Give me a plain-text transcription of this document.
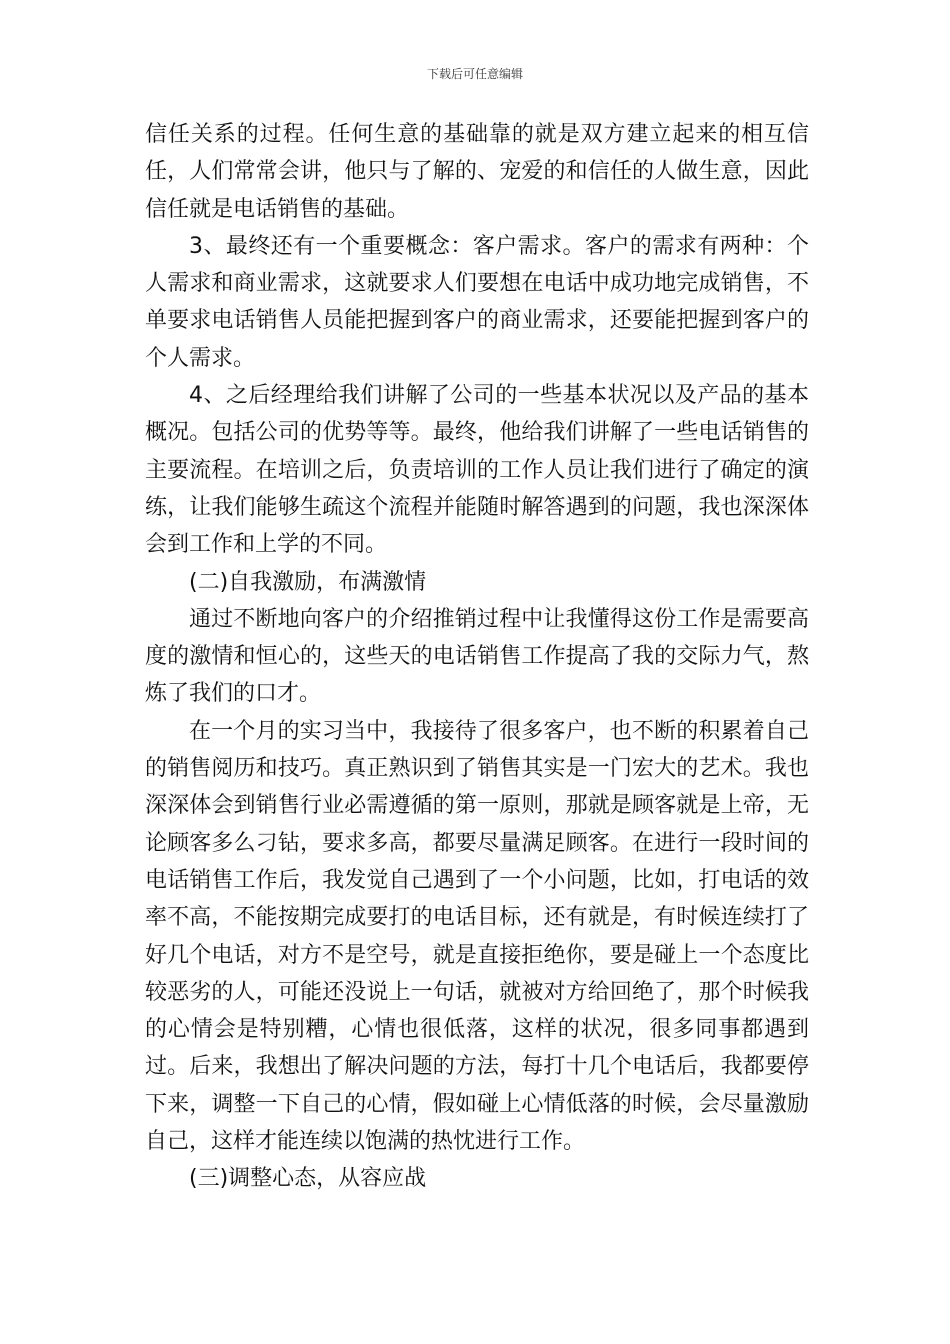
下载后可任意编辑

信任关系的过程。任何生意的基础靠的就是双方建立起来的相互信任，人们常常会讲，他只与了解的、宠爱的和信任的人做生意，因此信任就是电话销售的基础。

3、最终还有一个重要概念：客户需求。客户的需求有两种：个人需求和商业需求，这就要求人们要想在电话中成功地完成销售，不单要求电话销售人员能把握到客户的商业需求，还要能把握到客户的个人需求。

4、之后经理给我们讲解了公司的一些基本状况以及产品的基本概况。包括公司的优势等等。最终，他给我们讲解了一些电话销售的主要流程。在培训之后，负责培训的工作人员让我们进行了确定的演练，让我们能够生疏这个流程并能随时解答遇到的问题，我也深深体会到工作和上学的不同。

(二)自我激励，布满激情

通过不断地向客户的介绍推销过程中让我懂得这份工作是需要高度的激情和恒心的，这些天的电话销售工作提高了我的交际力气，熬炼了我们的口才。

在一个月的实习当中，我接待了很多客户，也不断的积累着自己的销售阅历和技巧。真正熟识到了销售其实是一门宏大的艺术。我也深深体会到销售行业必需遵循的第一原则，那就是顾客就是上帝，无论顾客多么刁钻，要求多高，都要尽量满足顾客。在进行一段时间的电话销售工作后，我发觉自己遇到了一个小问题，比如，打电话的效率不高，不能按期完成要打的电话目标，还有就是，有时候连续打了好几个电话，对方不是空号，就是直接拒绝你，要是碰上一个态度比较恶劣的人，可能还没说上一句话，就被对方给回绝了，那个时候我的心情会是特别糟，心情也很低落，这样的状况，很多同事都遇到过。后来，我想出了解决问题的方法，每打十几个电话后，我都要停下来，调整一下自己的心情，假如碰上心情低落的时候，会尽量激励自己，这样才能连续以饱满的热忱进行工作。

(三)调整心态，从容应战
